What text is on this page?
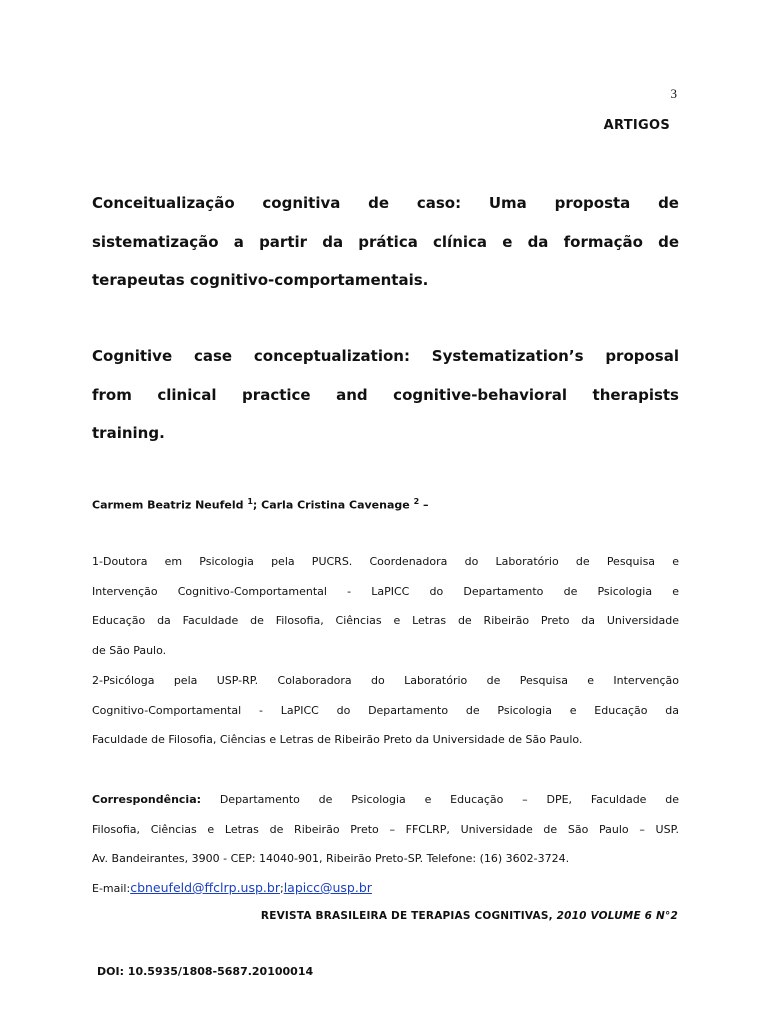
3
ARTIGOS
Conceitualização cognitiva de caso: Uma proposta de
sistematização a partir da prática clínica e da formação de
terapeutas cognitivo-comportamentais.
Cognitive case conceptualization: Systematization’s proposal
from clinical practice and cognitive-behavioral therapists
training.

Carmem Beatriz Neufeld $^1$; Carla Cristina Cavenage $^2$ –

1-Doutora em Psicologia pela PUCRS. Coordenadora do Laboratório de Pesquisa e
Intervenção Cognitivo-Comportamental - LaPICC do Departamento de Psicologia e
Educação da Faculdade de Filosofia, Ciências e Letras de Ribeirão Preto da Universidade
de São Paulo.
2-Psicóloga pela USP-RP. Colaboradora do Laboratório de Pesquisa e Intervenção
Cognitivo-Comportamental - LaPICC do Departamento de Psicologia e Educação da
Faculdade de Filosofia, Ciências e Letras de Ribeirão Preto da Universidade de São Paulo.
Correspondência: Departamento de Psicologia e Educação – DPE, Faculdade de
Filosofia, Ciências e Letras de Ribeirão Preto – FFCLRP, Universidade de São Paulo – USP.
Av. Bandeirantes, 3900 - CEP: 14040-901, Ribeirão Preto-SP. Telefone: (16) 3602-3724.
E-mail:cbneufeld@ffclrp.usp.br;lapicc@usp.br
REVISTA BRASILEIRA DE TERAPIAS COGNITIVAS, 2010 VOLUME 6 N°2
DOI: 10.5935/1808-5687.20100014
